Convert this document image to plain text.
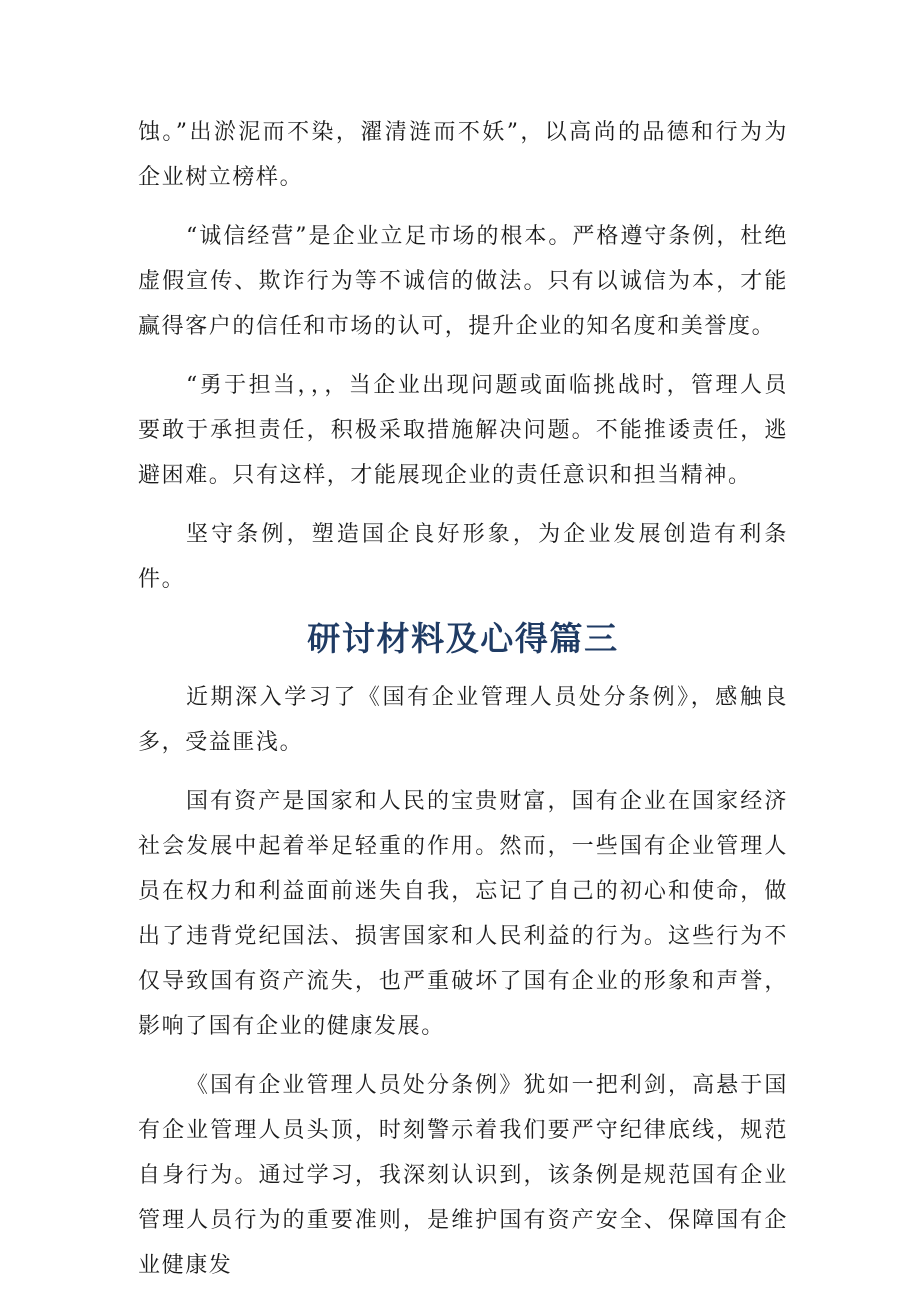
蚀。”出淤泥而不染，濯清涟而不妖”，以高尚的品德和行为为企业树立榜样。

“诚信经营”是企业立足市场的根本。严格遵守条例，杜绝虚假宣传、欺诈行为等不诚信的做法。只有以诚信为本，才能赢得客户的信任和市场的认可，提升企业的知名度和美誉度。

“勇于担当，，，当企业出现问题或面临挑战时，管理人员要敢于承担责任，积极采取措施解决问题。不能推诿责任，逃避困难。只有这样，才能展现企业的责任意识和担当精神。

坚守条例，塑造国企良好形象，为企业发展创造有利条件。

研讨材料及心得篇三

近期深入学习了《国有企业管理人员处分条例》，感触良多，受益匪浅。

国有资产是国家和人民的宝贵财富，国有企业在国家经济社会发展中起着举足轻重的作用。然而，一些国有企业管理人员在权力和利益面前迷失自我，忘记了自己的初心和使命，做出了违背党纪国法、损害国家和人民利益的行为。这些行为不仅导致国有资产流失，也严重破坏了国有企业的形象和声誉，影响了国有企业的健康发展。

《国有企业管理人员处分条例》犹如一把利剑，高悬于国有企业管理人员头顶，时刻警示着我们要严守纪律底线，规范自身行为。通过学习，我深刻认识到，该条例是规范国有企业管理人员行为的重要准则，是维护国有资产安全、保障国有企业健康发
